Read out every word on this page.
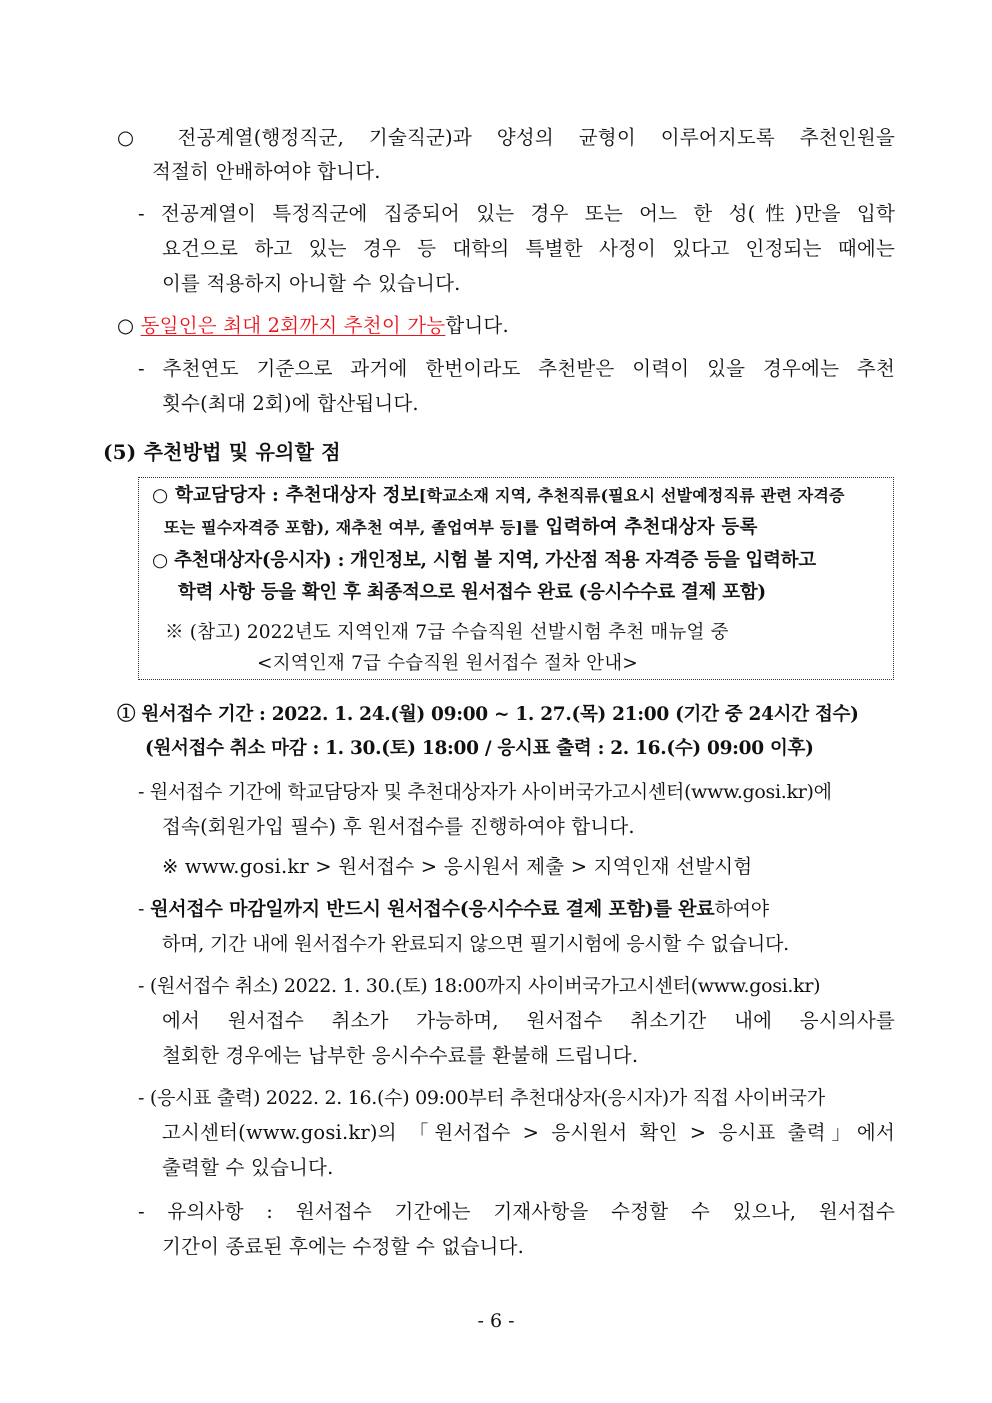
○ 전공계열(행정직군, 기술직군)과 양성의 균형이 이루어지도록 추천인원을
적절히 안배하여야 합니다.
- 전공계열이 특정직군에 집중되어 있는 경우 또는 어느 한 성(性)만을 입학
요건으로 하고 있는 경우 등 대학의 특별한 사정이 있다고 인정되는 때에는
이를 적용하지 아니할 수 있습니다.
○ 동일인은 최대 2회까지 추천이 가능합니다.
- 추천연도 기준으로 과거에 한번이라도 추천받은 이력이 있을 경우에는 추천
횟수(최대 2회)에 합산됩니다.
(5) 추천방법 및 유의할 점
○ 학교담당자 : 추천대상자 정보[학교소재 지역, 추천직류(필요시 선발예정직류 관련 자격증
또는 필수자격증 포함), 재추천 여부, 졸업여부 등]를 입력하여 추천대상자 등록
○ 추천대상자(응시자) : 개인정보, 시험 볼 지역, 가산점 적용 자격증 등을 입력하고
학력 사항 등을 확인 후 최종적으로 원서접수 완료 (응시수수료 결제 포함)
※ (참고) 2022년도 지역인재 7급 수습직원 선발시험 추천 매뉴얼 중
<지역인재 7급 수습직원 원서접수 절차 안내>
① 원서접수 기간 : 2022. 1. 24.(월) 09:00 ~ 1. 27.(목) 21:00 (기간 중 24시간 접수)
(원서접수 취소 마감 : 1. 30.(토) 18:00 / 응시표 출력 : 2. 16.(수) 09:00 이후)
- 원서접수 기간에 학교담당자 및 추천대상자가 사이버국가고시센터(www.gosi.kr)에
접속(회원가입 필수) 후 원서접수를 진행하여야 합니다.
※ www.gosi.kr > 원서접수 > 응시원서 제출 > 지역인재 선발시험
- 원서접수 마감일까지 반드시 원서접수(응시수수료 결제 포함)를 완료하여야
하며, 기간 내에 원서접수가 완료되지 않으면 필기시험에 응시할 수 없습니다.
- (원서접수 취소) 2022. 1. 30.(토) 18:00까지 사이버국가고시센터(www.gosi.kr)
에서 원서접수 취소가 가능하며, 원서접수 취소기간 내에 응시의사를
철회한 경우에는 납부한 응시수수료를 환불해 드립니다.
- (응시표 출력) 2022. 2. 16.(수) 09:00부터 추천대상자(응시자)가 직접 사이버국가
고시센터(www.gosi.kr)의 「원서접수 > 응시원서 확인 > 응시표 출력」에서
출력할 수 있습니다.
- 유의사항 : 원서접수 기간에는 기재사항을 수정할 수 있으나, 원서접수
기간이 종료된 후에는 수정할 수 없습니다.
- 6 -
